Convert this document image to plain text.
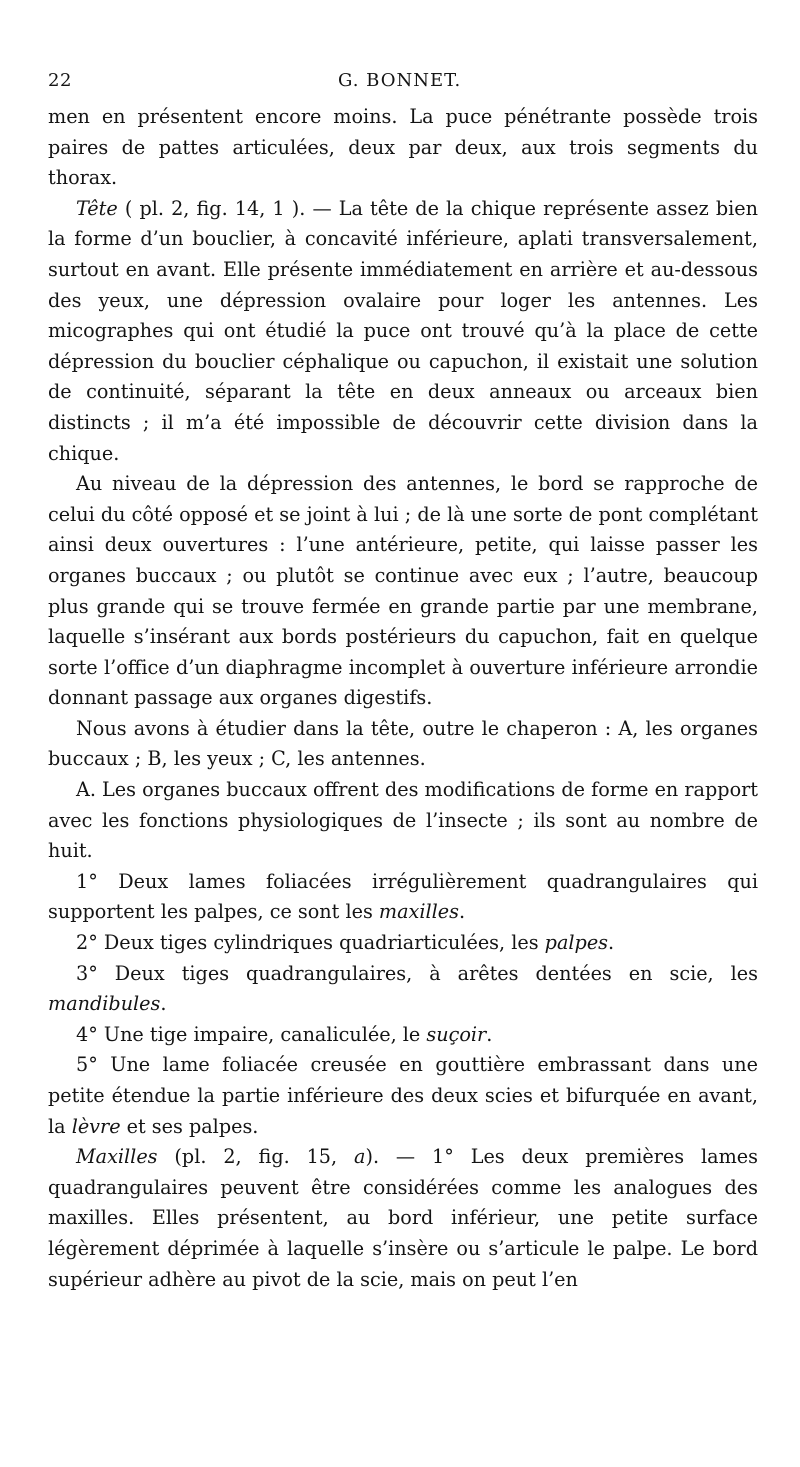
22	G. BONNET.

men en présentent encore moins. La puce pénétrante possède trois paires de pattes articulées, deux par deux, aux trois segments du thorax.

Tête ( pl. 2, fig. 14, 1 ). — La tête de la chique représente assez bien la forme d’un bouclier, à concavité inférieure, aplati transversalement, surtout en avant. Elle présente immédiatement en arrière et au-dessous des yeux, une dépression ovalaire pour loger les antennes. Les micographes qui ont étudié la puce ont trouvé qu’à la place de cette dépression du bouclier céphalique ou capuchon, il existait une solution de continuité, séparant la tête en deux anneaux ou arceaux bien distincts ; il m’a été impossible de découvrir cette division dans la chique.

Au niveau de la dépression des antennes, le bord se rapproche de celui du côté opposé et se joint à lui ; de là une sorte de pont complétant ainsi deux ouvertures : l’une antérieure, petite, qui laisse passer les organes buccaux ; ou plutôt se continue avec eux ; l’autre, beaucoup plus grande qui se trouve fermée en grande partie par une membrane, laquelle s’insérant aux bords postérieurs du capuchon, fait en quelque sorte l’office d’un diaphragme incomplet à ouverture inférieure arrondie donnant passage aux organes digestifs.

Nous avons à étudier dans la tête, outre le chaperon : A, les organes buccaux ; B, les yeux ; C, les antennes.

A. Les organes buccaux offrent des modifications de forme en rapport avec les fonctions physiologiques de l’insecte ; ils sont au nombre de huit.

1° Deux lames foliacées irrégulièrement quadrangulaires qui supportent les palpes, ce sont les maxilles.

2° Deux tiges cylindriques quadriarticulées, les palpes.

3° Deux tiges quadrangulaires, à arêtes dentées en scie, les mandibules.

4° Une tige impaire, canaliculée, le suçoir.

5° Une lame foliacée creusée en gouttière embrassant dans une petite étendue la partie inférieure des deux scies et bifurquée en avant, la lèvre et ses palpes.

Maxilles (pl. 2, fig. 15, a). — 1° Les deux premières lames quadrangulaires peuvent être considérées comme les analogues des maxilles. Elles présentent, au bord inférieur, une petite surface légèrement déprimée à laquelle s’insère ou s’articule le palpe. Le bord supérieur adhère au pivot de la scie, mais on peut l’en
